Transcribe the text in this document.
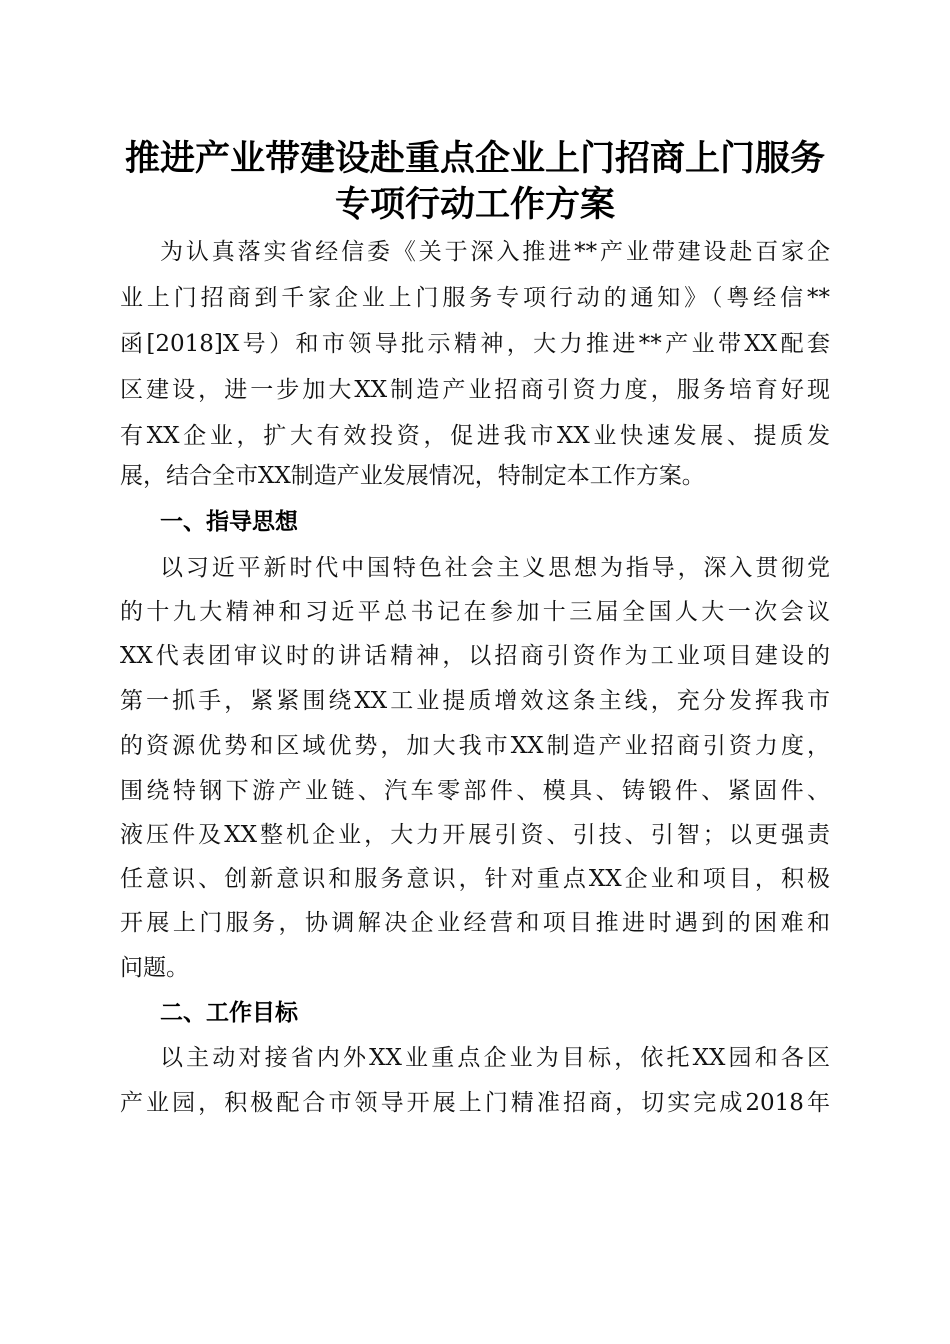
推进产业带建设赴重点企业上门招商上门服务
专项行动工作方案
为认真落实省经信委《关于深入推进**产业带建设赴百家企
业上门招商到千家企业上门服务专项行动的通知》（粤经信**
函[2018]X号）和市领导批示精神，大力推进**产业带XX配套
区建设，进一步加大XX制造产业招商引资力度，服务培育好现
有XX企业，扩大有效投资，促进我市XX业快速发展、提质发
展，结合全市XX制造产业发展情况，特制定本工作方案。
一、指导思想
以习近平新时代中国特色社会主义思想为指导，深入贯彻党
的十九大精神和习近平总书记在参加十三届全国人大一次会议
XX代表团审议时的讲话精神，以招商引资作为工业项目建设的
第一抓手，紧紧围绕XX工业提质增效这条主线，充分发挥我市
的资源优势和区域优势，加大我市XX制造产业招商引资力度，
围绕特钢下游产业链、汽车零部件、模具、铸锻件、紧固件、
液压件及XX整机企业，大力开展引资、引技、引智；以更强责
任意识、创新意识和服务意识，针对重点XX企业和项目，积极
开展上门服务，协调解决企业经营和项目推进时遇到的困难和
问题。
二、工作目标
以主动对接省内外XX业重点企业为目标，依托XX园和各区
产业园，积极配合市领导开展上门精准招商，切实完成2018年
